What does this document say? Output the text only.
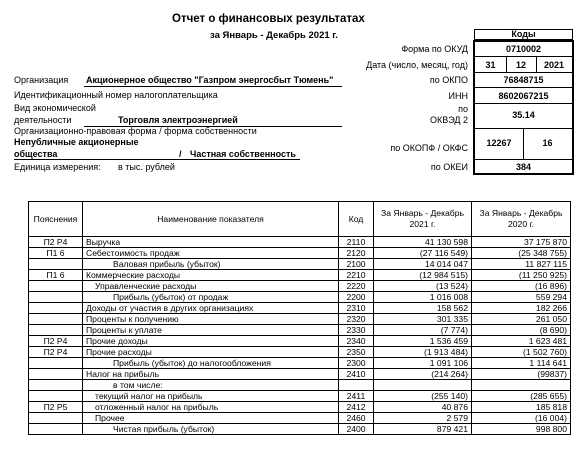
Отчет о финансовых результатах
за Январь - Декабрь 2021 г.	Коды
Форма по ОКУД	0710002
Дата (число, месяц, год)	31	12	2021
по ОКПО	76848715
ИНН	8602067215
по
ОКВЭД 2	35.14
по ОКОПФ / ОКФС	12267	16
по ОКЕИ	384
Организация Акционерное общество "Газпром энергосбыт Тюмень"
Идентификационный номер налогоплательщика
Вид экономической
деятельности	Торговля электроэнергией
Организационно-правовая форма / форма собственности
Непубличные акционерные
общества	/ Частная собственность
Единица измерения: в тыс. рублей
Пояснения	Наименование показателя	Код	За Январь - Декабрь 2021 г.	За Январь - Декабрь 2020 г.
П2 Р4	Выручка	2110	41 130 598	37 175 870
П1 6	Себестоимость продаж	2120	(27 116 549)	(25 348 755)
	Валовая прибыль (убыток)	2100	14 014 047	11 827 115
П1 6	Коммерческие расходы	2210	(12 984 515)	(11 250 925)
	Управленческие расходы	2220	(13 524)	(16 896)
	Прибыль (убыток) от продаж	2200	1 016 008	559 294
	Доходы от участия в других организациях	2310	158 562	182 266
	Проценты к получению	2320	301 335	261 050
	Проценты к уплате	2330	(7 774)	(8 690)
П2 Р4	Прочие доходы	2340	1 536 459	1 623 481
П2 Р4	Прочие расходы	2350	(1 913 484)	(1 502 760)
	Прибыль (убыток) до налогообложения	2300	1 091 106	1 114 641
	Налог на прибыль	2410	(214 264)	(99837)
	в том числе:			
	текущий налог на прибыль	2411	(255 140)	(285 655)
П2 Р5	отложенный налог на прибыль	2412	40 876	185 818
	Прочее	2460	2 579	(16 004)
	Чистая прибыль (убыток)	2400	879 421	998 800
